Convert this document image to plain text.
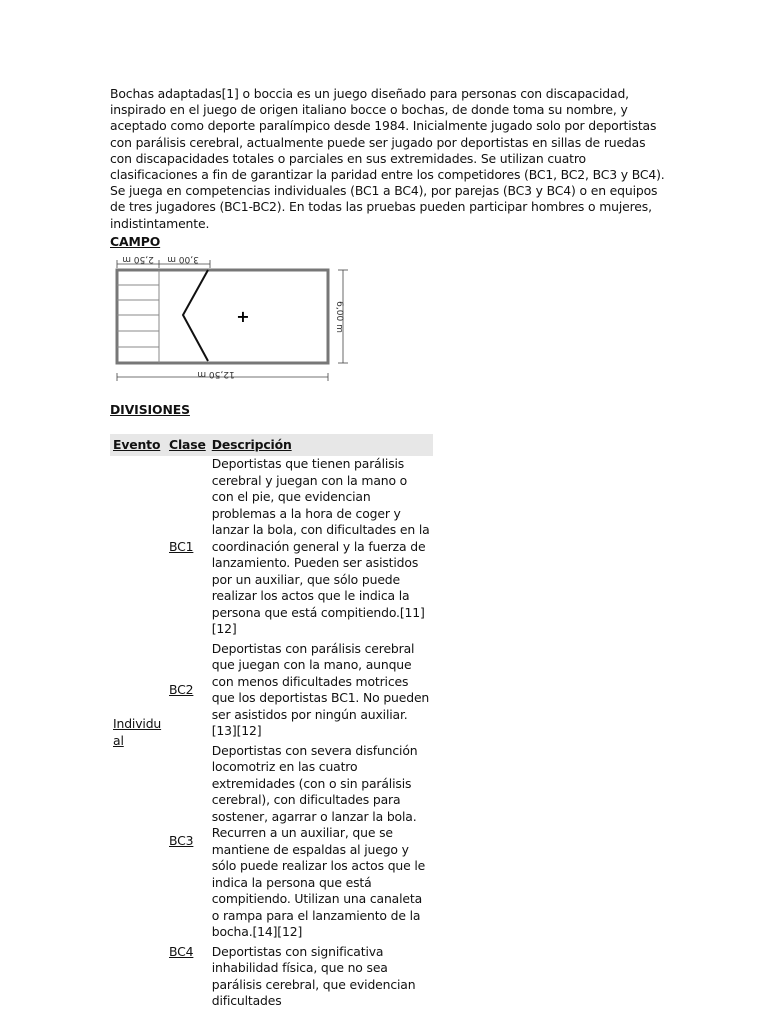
Bochas adaptadas[1] o boccia es un juego diseñado para personas con discapacidad, inspirado en el juego de origen italiano bocce o bochas, de donde toma su nombre, y aceptado como deporte paralímpico desde 1984. Inicialmente jugado solo por deportistas con parálisis cerebral, actualmente puede ser jugado por deportistas en sillas de ruedas con discapacidades totales o parciales en sus extremidades. Se utilizan cuatro clasificaciones a fin de garantizar la paridad entre los competidores (BC1, BC2, BC3 y BC4). Se juega en competencias individuales (BC1 a BC4), por parejas (BC3 y BC4) o en equipos de tres jugadores (BC1-BC2). En todas las pruebas pueden participar hombres o mujeres, indistintamente.

CAMPO
2,50 m 3,00 m
+	6,00 m
12,50 m
DIVISIONES
Evento	Clase	Descripción
Individual	BC1	Deportistas que tienen parálisis cerebral y juegan con la mano o con el pie, que evidencian problemas a la hora de coger y lanzar la bola, con dificultades en la coordinación general y la fuerza de lanzamiento. Pueden ser asistidos por un auxiliar, que sólo puede realizar los actos que le indica la persona que está compitiendo.[11][12]
	BC2	Deportistas con parálisis cerebral que juegan con la mano, aunque con menos dificultades motrices que los deportistas BC1. No pueden ser asistidos por ningún auxiliar.[13][12]
	BC3	Deportistas con severa disfunción locomotriz en las cuatro extremidades (con o sin parálisis cerebral), con dificultades para sostener, agarrar o lanzar la bola. Recurren a un auxiliar, que se mantiene de espaldas al juego y sólo puede realizar los actos que le indica la persona que está compitiendo. Utilizan una canaleta o rampa para el lanzamiento de la bocha.[14][12]
	BC4	Deportistas con significativa inhabilidad física, que no sea parálisis cerebral, que evidencian dificultades
